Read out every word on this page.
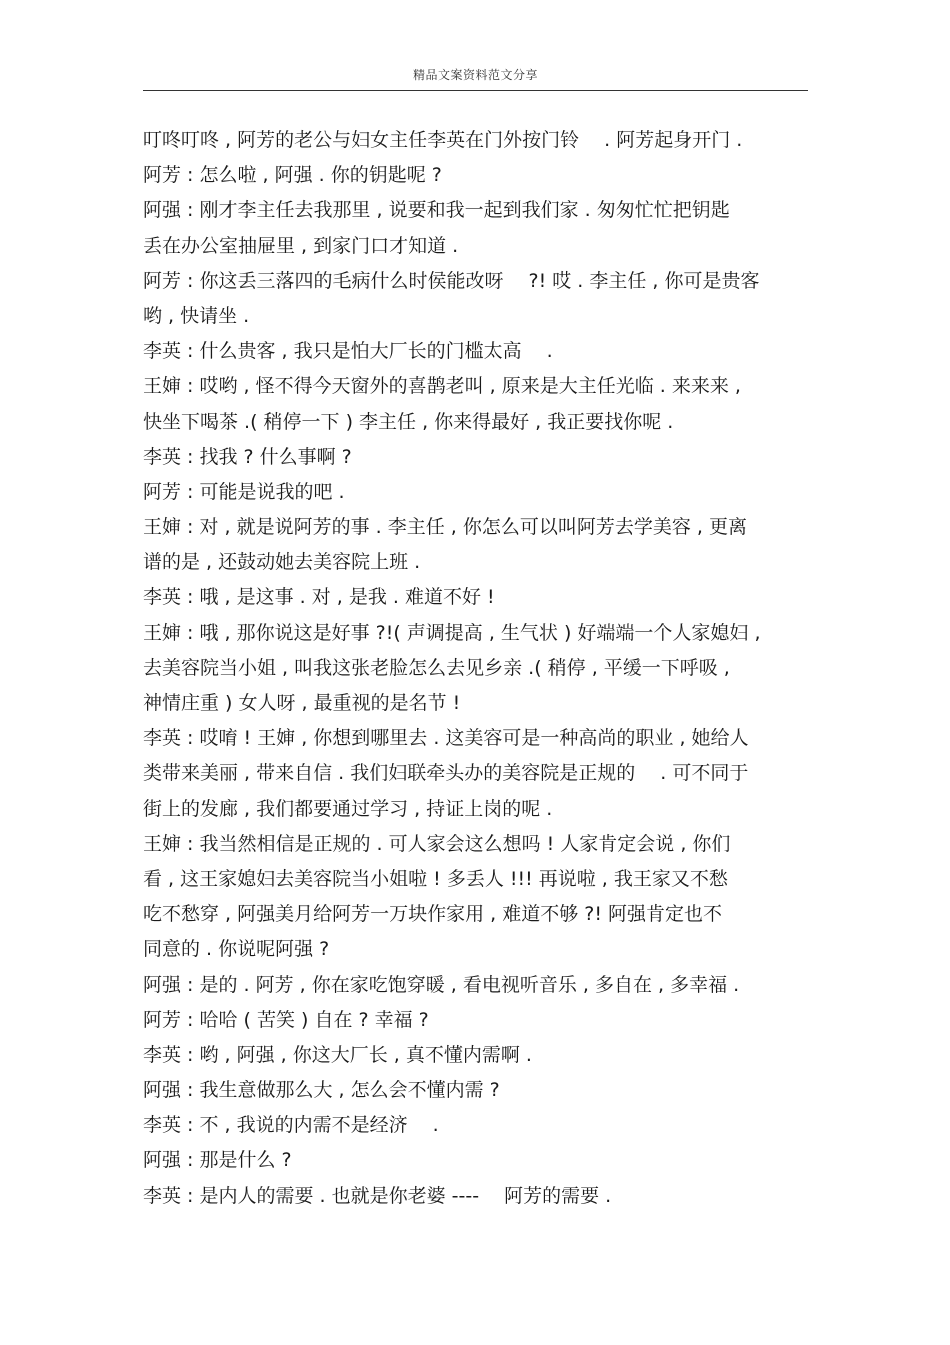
精品文案资料范文分享
叮咚叮咚 , 阿芳的老公与妇女主任李英在门外按门铃 　. 阿芳起身开门 .
阿芳 : 怎么啦 , 阿强 . 你的钥匙呢 ?
阿强 : 刚才李主任去我那里 , 说要和我一起到我们家 . 匆匆忙忙把钥匙
丢在办公室抽屉里 , 到家门口才知道 .
阿芳 : 你这丢三落四的毛病什么时侯能改呀 　?! 哎 . 李主任 , 你可是贵客
哟 , 快请坐 .
李英 : 什么贵客 , 我只是怕大厂长的门槛太高 　.
王婶 : 哎哟 , 怪不得今天窗外的喜鹊老叫 , 原来是大主任光临 . 来来来 ,
快坐下喝茶 .( 稍停一下 ) 李主任 , 你来得最好 , 我正要找你呢 .
李英 : 找我 ? 什么事啊 ?
阿芳 : 可能是说我的吧 .
王婶 : 对 , 就是说阿芳的事 . 李主任 , 你怎么可以叫阿芳去学美容 , 更离
谱的是 , 还鼓动她去美容院上班 .
李英 : 哦 , 是这事 . 对 , 是我 . 难道不好 !
王婶 : 哦 , 那你说这是好事 ?!( 声调提高 , 生气状 ) 好端端一个人家媳妇 ,
去美容院当小姐 , 叫我这张老脸怎么去见乡亲 .( 稍停 , 平缓一下呼吸 ,
神情庄重 ) 女人呀 , 最重视的是名节 !
李英 : 哎唷 ! 王婶 , 你想到哪里去 . 这美容可是一种高尚的职业 , 她给人
类带来美丽 , 带来自信 . 我们妇联牵头办的美容院是正规的 　. 可不同于
街上的发廊 , 我们都要通过学习 , 持证上岗的呢 .
王婶 : 我当然相信是正规的 . 可人家会这么想吗 ! 人家肯定会说 , 你们
看 , 这王家媳妇去美容院当小姐啦 ! 多丢人 !!! 再说啦 , 我王家又不愁
吃不愁穿 , 阿强美月给阿芳一万块作家用 , 难道不够 ?! 阿强肯定也不
同意的 . 你说呢阿强 ?
阿强 : 是的 . 阿芳 , 你在家吃饱穿暖 , 看电视听音乐 , 多自在 , 多幸福 .
阿芳 : 哈哈 ( 苦笑 ) 自在 ? 幸福 ?
李英 : 哟 , 阿强 , 你这大厂长 , 真不懂内需啊 .
阿强 : 我生意做那么大 , 怎么会不懂内需 ?
李英 : 不 , 我说的内需不是经济 　.
阿强 : 那是什么 ?
李英 : 是内人的需要 . 也就是你老婆 ---- 　阿芳的需要 .
